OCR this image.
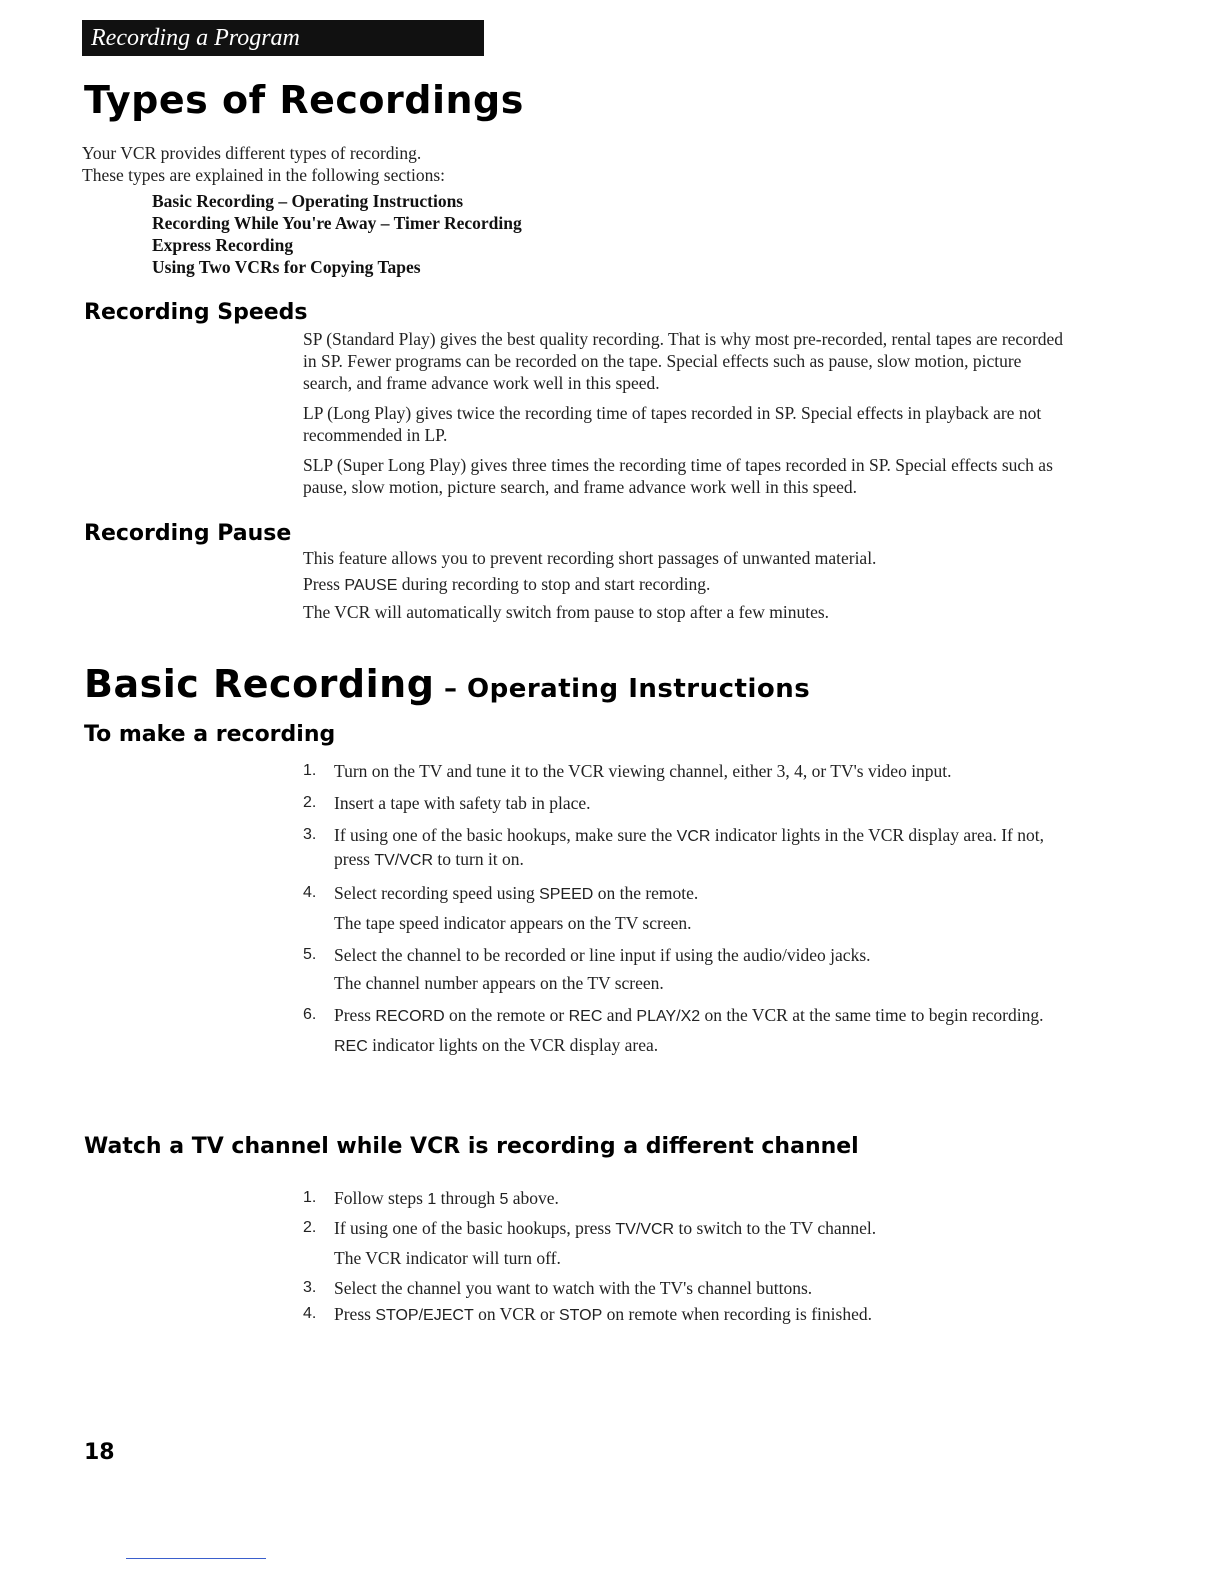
Recording a Program
Types of Recordings

Your VCR provides different types of recording.

These types are explained in the following sections:

Basic Recording – Operating Instructions
Recording While You're Away – Timer Recording
Express Recording
Using Two VCRs for Copying Tapes
Recording Speeds

SP (Standard Play) gives the best quality recording. That is why most pre-recorded, rental tapes are recorded in SP. Fewer programs can be recorded on the tape. Special effects such as pause, slow motion, picture search, and frame advance work well in this speed.

LP (Long Play) gives twice the recording time of tapes recorded in SP. Special effects in playback are not recommended in LP.

SLP (Super Long Play) gives three times the recording time of tapes recorded in SP. Special effects such as pause, slow motion, picture search, and frame advance work well in this speed.

Recording Pause

This feature allows you to prevent recording short passages of unwanted material.

Press PAUSE during recording to stop and start recording.

The VCR will automatically switch from pause to stop after a few minutes.

Basic Recording – Operating Instructions
To make a recording
1. Turn on the TV and tune it to the VCR viewing channel, either 3, 4, or TV's video input.
2. Insert a tape with safety tab in place.
3. If using one of the basic hookups, make sure the VCR indicator lights in the VCR display area. If not, press TV/VCR to turn it on.
4. Select recording speed using SPEED on the remote.
The tape speed indicator appears on the TV screen.
5. Select the channel to be recorded or line input if using the audio/video jacks.
The channel number appears on the TV screen.
6. Press RECORD on the remote or REC and PLAY/X2 on the VCR at the same time to begin recording.
REC indicator lights on the VCR display area.
Watch a TV channel while VCR is recording a different channel
1. Follow steps 1 through 5 above.
2. If using one of the basic hookups, press TV/VCR to switch to the TV channel.
The VCR indicator will turn off.
3. Select the channel you want to watch with the TV's channel buttons.
4. Press STOP/EJECT on VCR or STOP on remote when recording is finished.
18
